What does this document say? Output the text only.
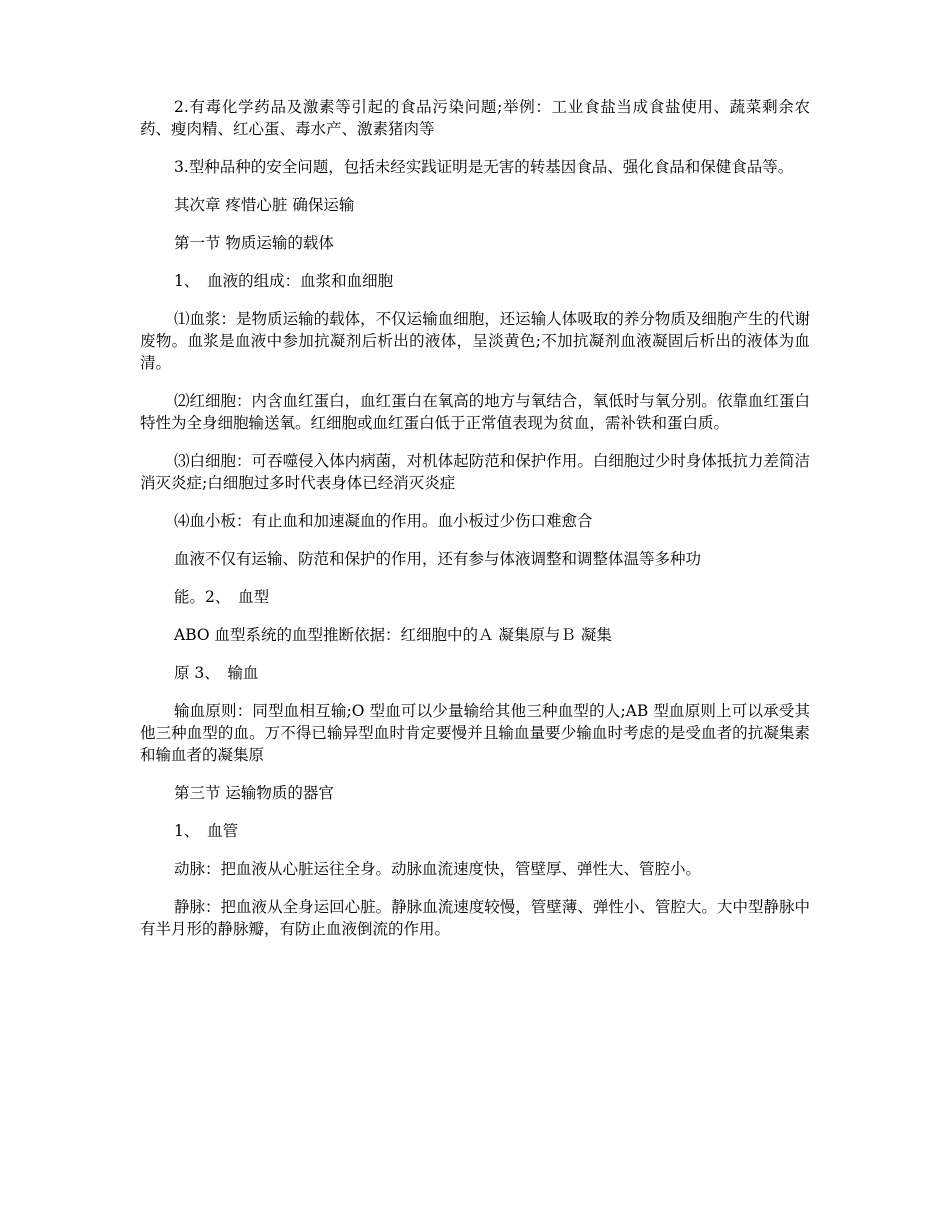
2.有毒化学药品及激素等引起的食品污染问题;举例：工业食盐当成食盐使用、蔬菜剩余农药、瘦肉精、红心蛋、毒水产、激素猪肉等

3.型种品种的安全问题，包括未经实践证明是无害的转基因食品、强化食品和保健食品等。

其次章 疼惜心脏 确保运输

第一节 物质运输的载体

1、　血液的组成：血浆和血细胞

⑴血浆：是物质运输的载体，不仅运输血细胞，还运输人体吸取的养分物质及细胞产生的代谢废物。血浆是血液中参加抗凝剂后析出的液体，呈淡黄色;不加抗凝剂血液凝固后析出的液体为血清。

⑵红细胞：内含血红蛋白，血红蛋白在氧高的地方与氧结合，氧低时与氧分别。依靠血红蛋白特性为全身细胞输送氧。红细胞或血红蛋白低于正常值表现为贫血，需补铁和蛋白质。

⑶白细胞：可吞噬侵入体内病菌，对机体起防范和保护作用。白细胞过少时身体抵抗力差简洁消灭炎症;白细胞过多时代表身体已经消灭炎症

⑷血小板：有止血和加速凝血的作用。血小板过少伤口难愈合

血液不仅有运输、防范和保护的作用，还有参与体液调整和调整体温等多种功

能。2、　血型

ABO 血型系统的血型推断依据：红细胞中的Ａ 凝集原与Ｂ 凝集

原 3、　输血

输血原则：同型血相互输;O 型血可以少量输给其他三种血型的人;AB 型血原则上可以承受其他三种血型的血。万不得已输异型血时肯定要慢并且输血量要少输血时考虑的是受血者的抗凝集素和输血者的凝集原

第三节 运输物质的器官

1、　血管

动脉：把血液从心脏运往全身。动脉血流速度快，管壁厚、弹性大、管腔小。

静脉：把血液从全身运回心脏。静脉血流速度较慢，管壁薄、弹性小、管腔大。大中型静脉中有半月形的静脉瓣，有防止血液倒流的作用。
